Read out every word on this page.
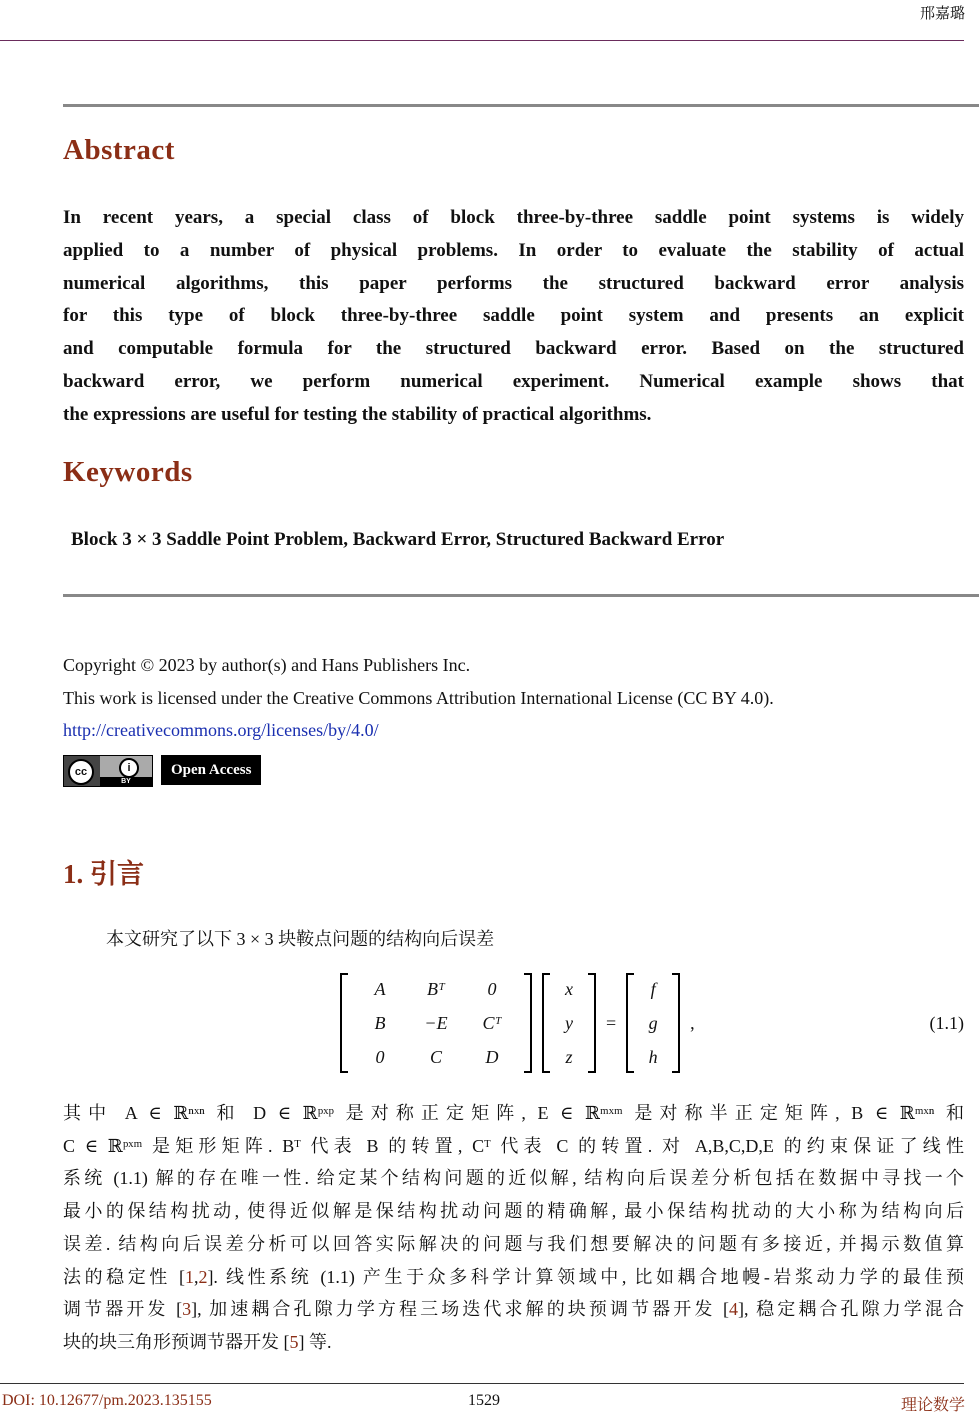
邢嘉璐
Abstract
In recent years, a special class of block three-by-three saddle point systems is widely
applied to a number of physical problems. In order to evaluate the stability of actual
numerical algorithms, this paper performs the structured backward error analysis
for this type of block three-by-three saddle point system and presents an explicit
and computable formula for the structured backward error. Based on the structured
backward error, we perform numerical experiment. Numerical example shows that
the expressions are useful for testing the stability of practical algorithms.
Keywords
Block 3 × 3 Saddle Point Problem, Backward Error, Structured Backward Error
Copyright © 2023 by author(s) and Hans Publishers Inc.
This work is licensed under the Creative Commons Attribution International License (CC BY 4.0).
http://creativecommons.org/licenses/by/4.0/
cc	i
BY
Open Access
1. 引言
本文研究了以下 3 × 3 块鞍点问题的结构向后误差
A	Bᵀ	0
B	−E	Cᵀ
0	C	D
x
y
z
=
f
g
h
,	(1.1)
其中 A ∈ ℝⁿˣⁿ 和 D ∈ ℝᵖˣᵖ 是对称正定矩阵, E ∈ ℝᵐˣᵐ 是对称半正定矩阵, B ∈ ℝᵐˣⁿ 和
C ∈ ℝᵖˣᵐ 是矩形矩阵. Bᵀ 代表 B 的转置, Cᵀ 代表 C 的转置. 对 A,B,C,D,E 的约束保证了线性
系统 (1.1) 解的存在唯一性. 给定某个结构问题的近似解, 结构向后误差分析包括在数据中寻找一个
最小的保结构扰动, 使得近似解是保结构扰动问题的精确解, 最小保结构扰动的大小称为结构向后
误差. 结构向后误差分析可以回答实际解决的问题与我们想要解决的问题有多接近, 并揭示数值算
法的稳定性 [1,2]. 线性系统 (1.1) 产生于众多科学计算领域中, 比如耦合地幔-岩浆动力学的最佳预
调节器开发 [3], 加速耦合孔隙力学方程三场迭代求解的块预调节器开发 [4], 稳定耦合孔隙力学混合
块的块三角形预调节器开发 [5] 等.
DOI: 10.12677/pm.2023.135155	1529	理论数学
